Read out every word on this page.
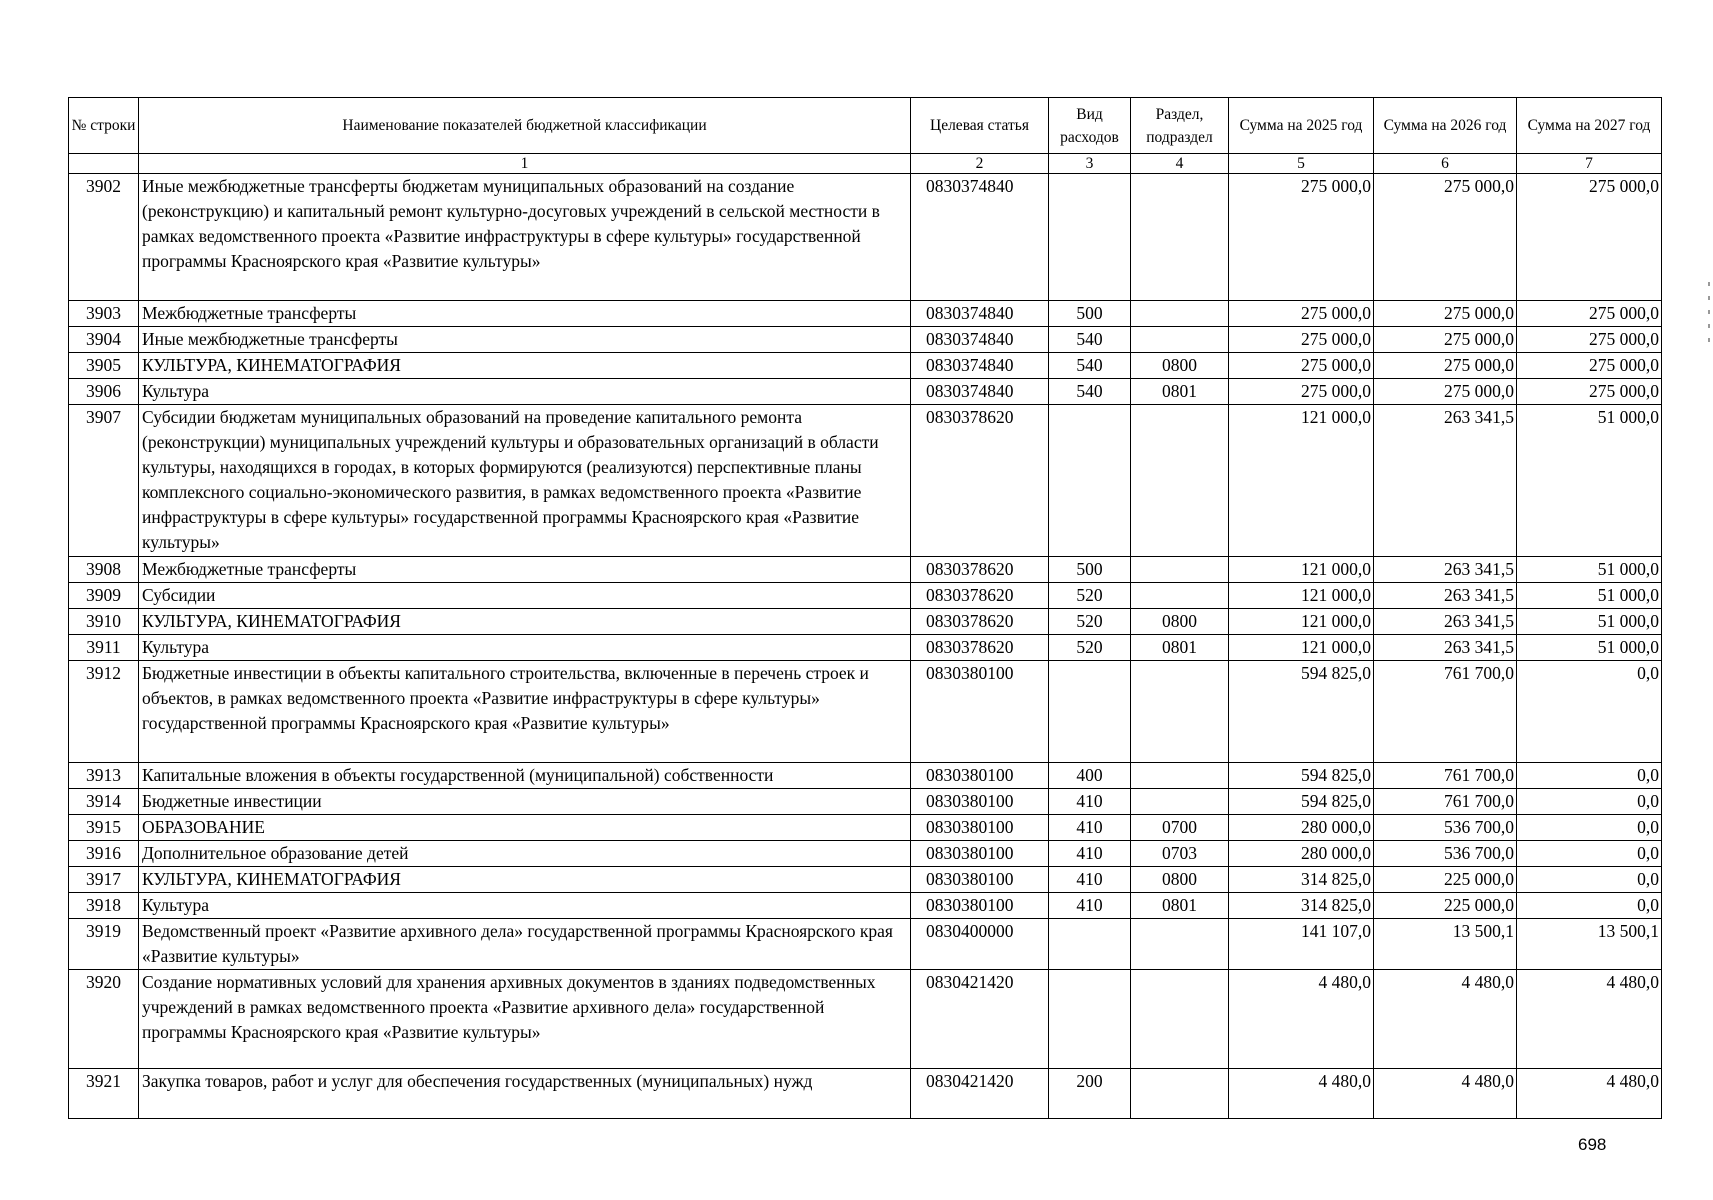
№ строки	Наименование показателей бюджетной классификации	Целевая статья	Вид расходов	Раздел, подраздел	Сумма на 2025 год	Сумма на 2026 год	Сумма на 2027 год
	1	2	3	4	5	6	7
3902	Иные межбюджетные трансферты бюджетам муниципальных образований на создание (реконструкцию) и капитальный ремонт культурно-досуговых учреждений в сельской местности в рамках ведомственного проекта «Развитие инфраструктуры в сфере культуры» государственной программы Красноярского края «Развитие культуры»	0830374840			275 000,0	275 000,0	275 000,0
3903	Межбюджетные трансферты	0830374840	500		275 000,0	275 000,0	275 000,0
3904	Иные межбюджетные трансферты	0830374840	540		275 000,0	275 000,0	275 000,0
3905	КУЛЬТУРА, КИНЕМАТОГРАФИЯ	0830374840	540	0800	275 000,0	275 000,0	275 000,0
3906	Культура	0830374840	540	0801	275 000,0	275 000,0	275 000,0
3907	Субсидии бюджетам муниципальных образований на проведение капитального ремонта (реконструкции) муниципальных учреждений культуры и образовательных организаций в области культуры, находящихся в городах, в которых формируются (реализуются) перспективные планы комплексного социально-экономического развития, в рамках ведомственного проекта «Развитие инфраструктуры в сфере культуры» государственной программы Красноярского края «Развитие культуры»	0830378620			121 000,0	263 341,5	51 000,0
3908	Межбюджетные трансферты	0830378620	500		121 000,0	263 341,5	51 000,0
3909	Субсидии	0830378620	520		121 000,0	263 341,5	51 000,0
3910	КУЛЬТУРА, КИНЕМАТОГРАФИЯ	0830378620	520	0800	121 000,0	263 341,5	51 000,0
3911	Культура	0830378620	520	0801	121 000,0	263 341,5	51 000,0
3912	Бюджетные инвестиции в объекты капитального строительства, включенные в перечень строек и объектов, в рамках ведомственного проекта «Развитие инфраструктуры в сфере культуры» государственной программы Красноярского края «Развитие культуры»	0830380100			594 825,0	761 700,0	0,0
3913	Капитальные вложения в объекты государственной (муниципальной) собственности	0830380100	400		594 825,0	761 700,0	0,0
3914	Бюджетные инвестиции	0830380100	410		594 825,0	761 700,0	0,0
3915	ОБРАЗОВАНИЕ	0830380100	410	0700	280 000,0	536 700,0	0,0
3916	Дополнительное образование детей	0830380100	410	0703	280 000,0	536 700,0	0,0
3917	КУЛЬТУРА, КИНЕМАТОГРАФИЯ	0830380100	410	0800	314 825,0	225 000,0	0,0
3918	Культура	0830380100	410	0801	314 825,0	225 000,0	0,0
3919	Ведомственный проект «Развитие архивного дела» государственной программы Красноярского края «Развитие культуры»	0830400000			141 107,0	13 500,1	13 500,1
3920	Создание нормативных условий для хранения архивных документов в зданиях подведомственных учреждений в рамках ведомственного проекта «Развитие архивного дела» государственной программы Красноярского края «Развитие культуры»	0830421420			4 480,0	4 480,0	4 480,0
3921	Закупка товаров, работ и услуг для обеспечения государственных (муниципальных) нужд	0830421420	200		4 480,0	4 480,0	4 480,0
698
